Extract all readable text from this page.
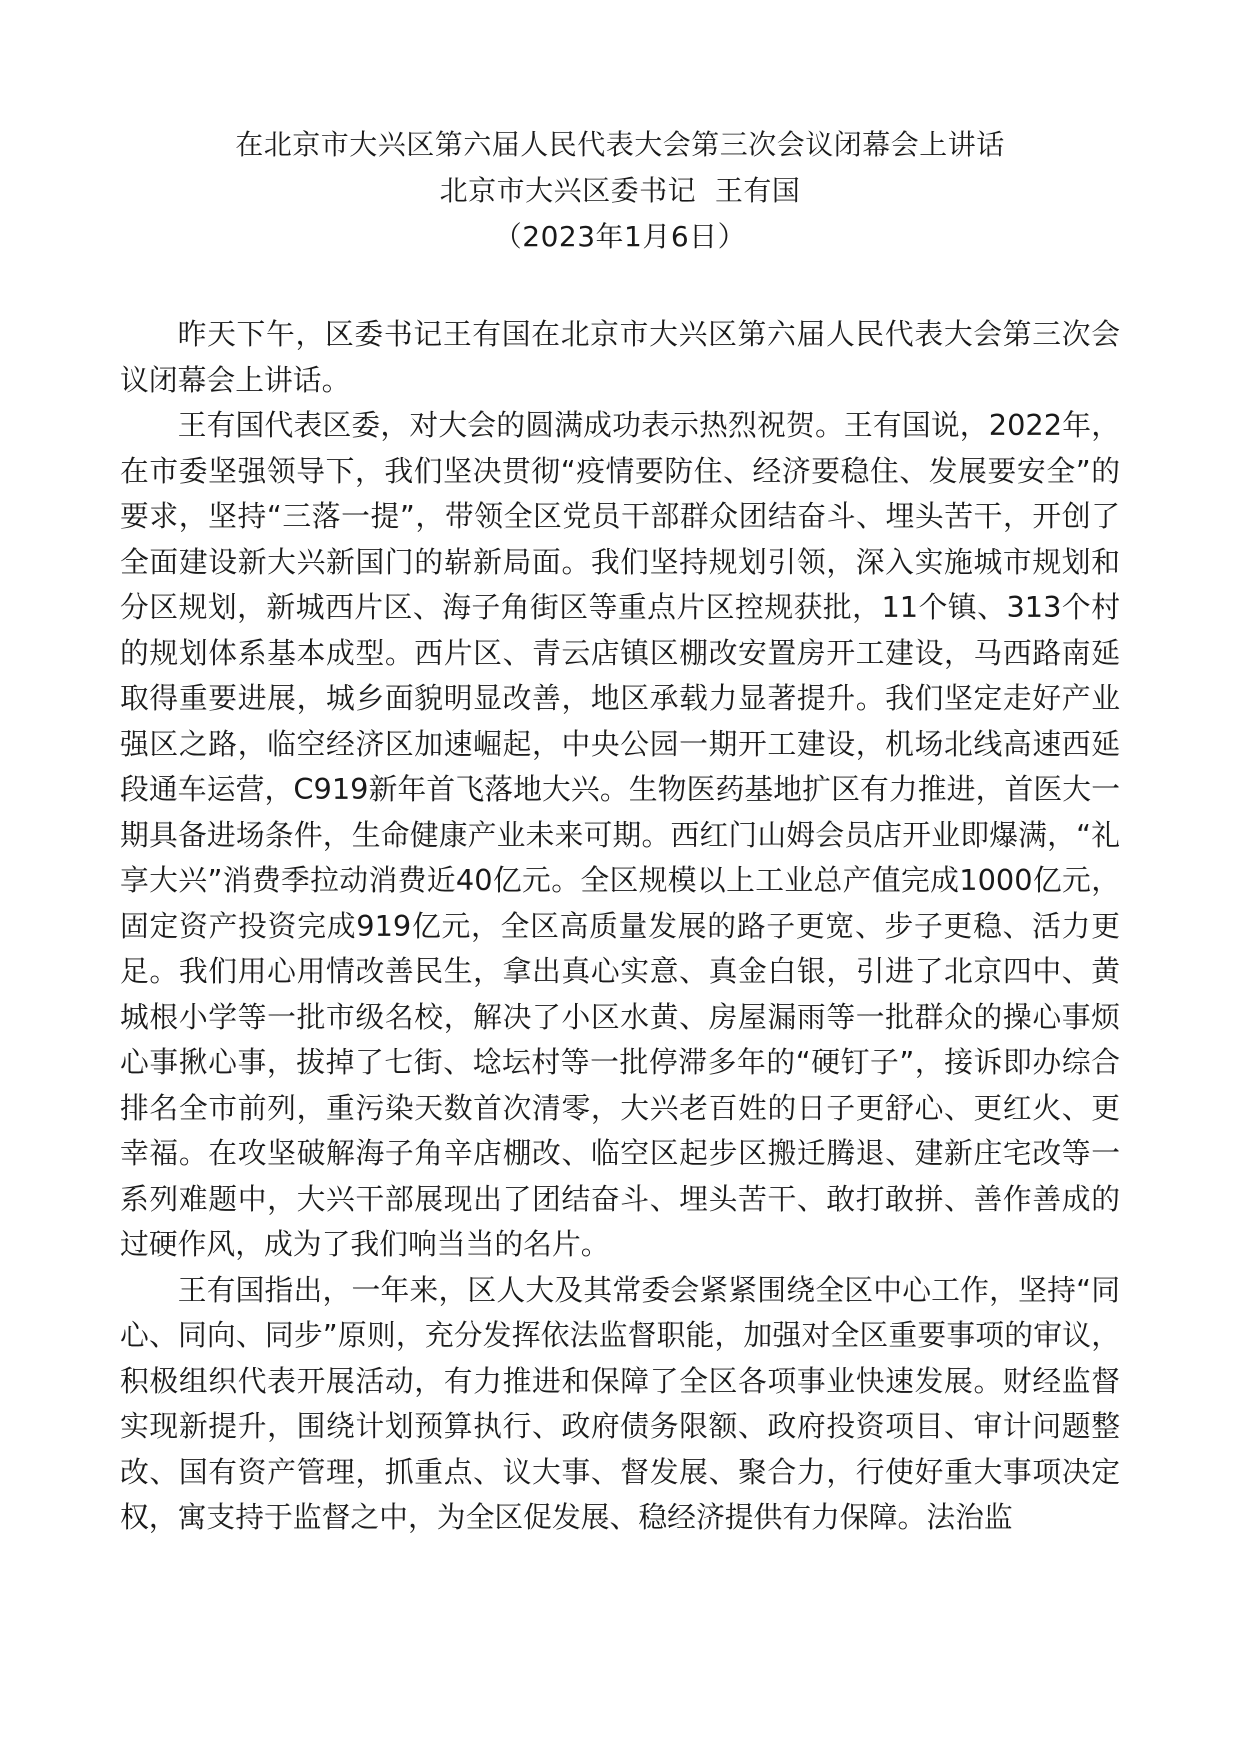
在北京市大兴区第六届人民代表大会第三次会议闭幕会上讲话
北京市大兴区委书记  王有国
（2023年1月6日）

昨天下午，区委书记王有国在北京市大兴区第六届人民代表大会第三次会议闭幕会上讲话。

王有国代表区委，对大会的圆满成功表示热烈祝贺。王有国说，2022年，在市委坚强领导下，我们坚决贯彻“疫情要防住、经济要稳住、发展要安全”的要求，坚持“三落一提”，带领全区党员干部群众团结奋斗、埋头苦干，开创了全面建设新大兴新国门的崭新局面。我们坚持规划引领，深入实施城市规划和分区规划，新城西片区、海子角街区等重点片区控规获批，11个镇、313个村的规划体系基本成型。西片区、青云店镇区棚改安置房开工建设，马西路南延取得重要进展，城乡面貌明显改善，地区承载力显著提升。我们坚定走好产业强区之路，临空经济区加速崛起，中央公园一期开工建设，机场北线高速西延段通车运营，C919新年首飞落地大兴。生物医药基地扩区有力推进，首医大一期具备进场条件，生命健康产业未来可期。西红门山姆会员店开业即爆满，“礼享大兴”消费季拉动消费近40亿元。全区规模以上工业总产值完成1000亿元，固定资产投资完成919亿元，全区高质量发展的路子更宽、步子更稳、活力更足。我们用心用情改善民生，拿出真心实意、真金白银，引进了北京四中、黄城根小学等一批市级名校，解决了小区水黄、房屋漏雨等一批群众的操心事烦心事揪心事，拔掉了七街、埝坛村等一批停滞多年的“硬钉子”，接诉即办综合排名全市前列，重污染天数首次清零，大兴老百姓的日子更舒心、更红火、更幸福。在攻坚破解海子角辛店棚改、临空区起步区搬迁腾退、建新庄宅改等一系列难题中，大兴干部展现出了团结奋斗、埋头苦干、敢打敢拼、善作善成的过硬作风，成为了我们响当当的名片。

王有国指出，一年来，区人大及其常委会紧紧围绕全区中心工作，坚持“同心、同向、同步”原则，充分发挥依法监督职能，加强对全区重要事项的审议，积极组织代表开展活动，有力推进和保障了全区各项事业快速发展。财经监督实现新提升，围绕计划预算执行、政府债务限额、政府投资项目、审计问题整改、国有资产管理，抓重点、议大事、督发展、聚合力，行使好重大事项决定权，寓支持于监督之中，为全区促发展、稳经济提供有力保障。法治监
